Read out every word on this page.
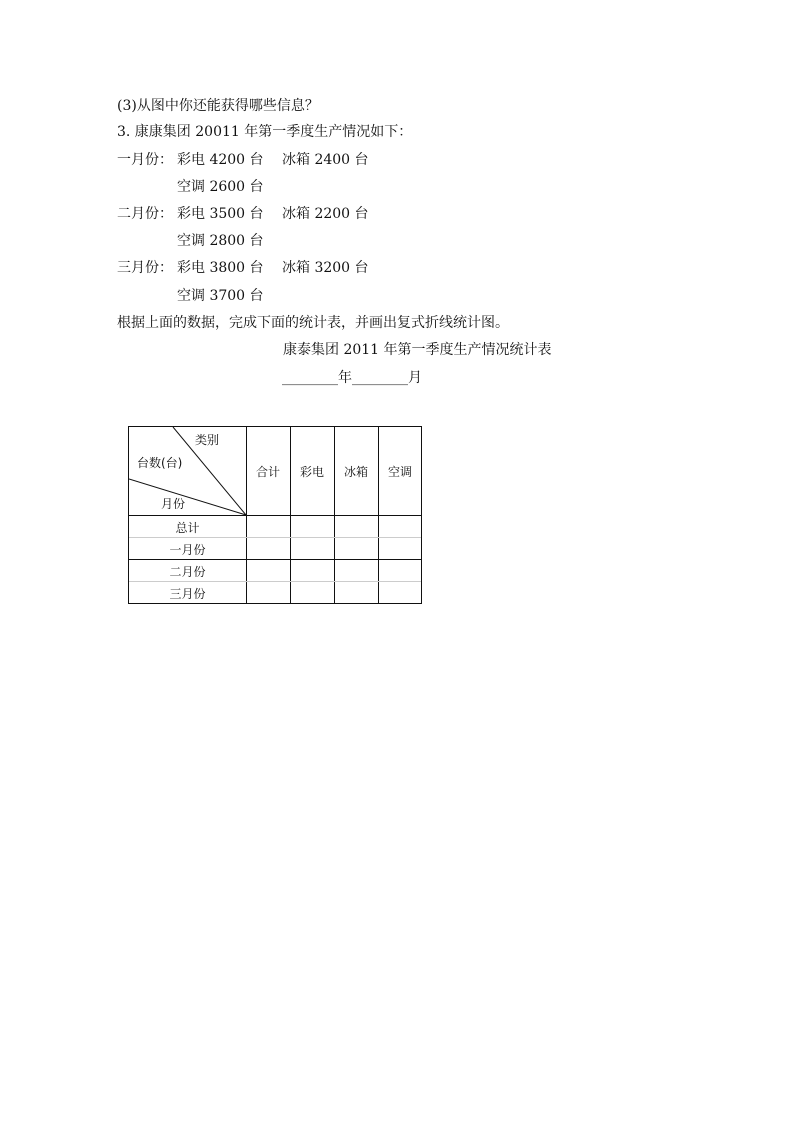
(3)从图中你还能获得哪些信息？
3. 康康集团 20011 年第一季度生产情况如下：
一月份： 彩电 4200 台 冰箱 2400 台
空调 2600 台
二月份： 彩电 3500 台 冰箱 2200 台
空调 2800 台
三月份： 彩电 3800 台 冰箱 3200 台
空调 3700 台
根据上面的数据，完成下面的统计表，并画出复式折线统计图。
康泰集团 2011 年第一季度生产情况统计表
________年________月
类别
台数(台)
月份
合计	彩电	冰箱	空调
总计
一月份
二月份
三月份
